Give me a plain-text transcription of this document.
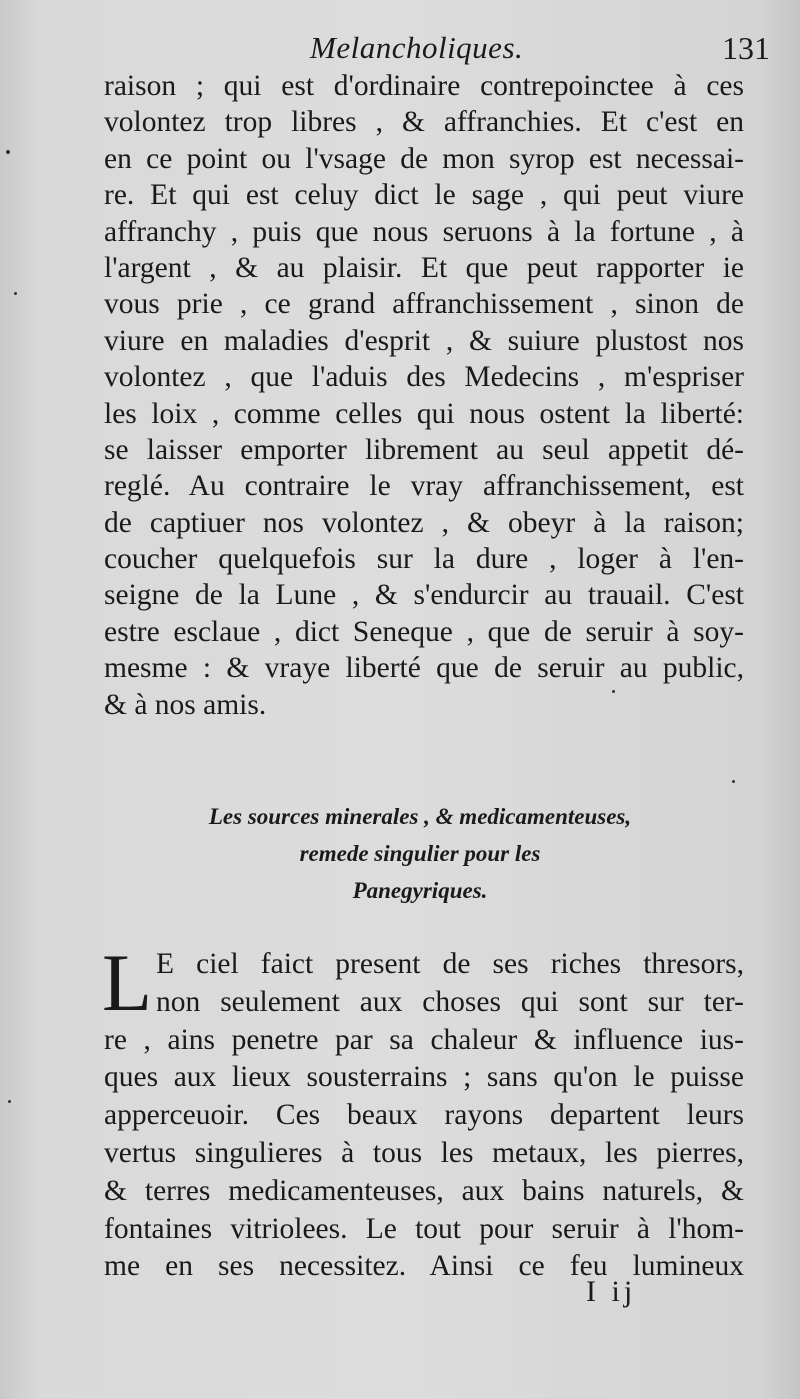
Melancholiques.	131
raison ; qui est d'ordinaire contrepoinctee à ces
volontez trop libres , & affranchies. Et c'est en
en ce point ou l'vsage de mon syrop est necessai-
re. Et qui est celuy dict le sage , qui peut viure
affranchy , puis que nous seruons à la fortune , à
l'argent , & au plaisir. Et que peut rapporter ie
vous prie , ce grand affranchissement , sinon de
viure en maladies d'esprit , & suiure plustost nos
volontez , que l'aduis des Medecins , m'espriser
les loix , comme celles qui nous ostent la liberté:
se laisser emporter librement au seul appetit dé-
reglé. Au contraire le vray affranchissement, est
de captiuer nos volontez , & obeyr à la raison;
coucher quelquefois sur la dure , loger à l'en-
seigne de la Lune , & s'endurcir au trauail. C'est
estre esclaue , dict Seneque , que de seruir à soy-
mesme : & vraye liberté que de seruir au public,
& à nos amis.
Les sources minerales , & medicamenteuses,
remede singulier pour les
Panegyriques.
L E ciel faict present de ses riches thresors,
non seulement aux choses qui sont sur ter-
re , ains penetre par sa chaleur & influence ius-
ques aux lieux sousterrains ; sans qu'on le puisse
apperceuoir. Ces beaux rayons departent leurs
vertus singulieres à tous les metaux, les pierres,
& terres medicamenteuses, aux bains naturels, &
fontaines vitriolees. Le tout pour seruir à l'hom-
me en ses necessitez. Ainsi ce feu lumineux
I ij
